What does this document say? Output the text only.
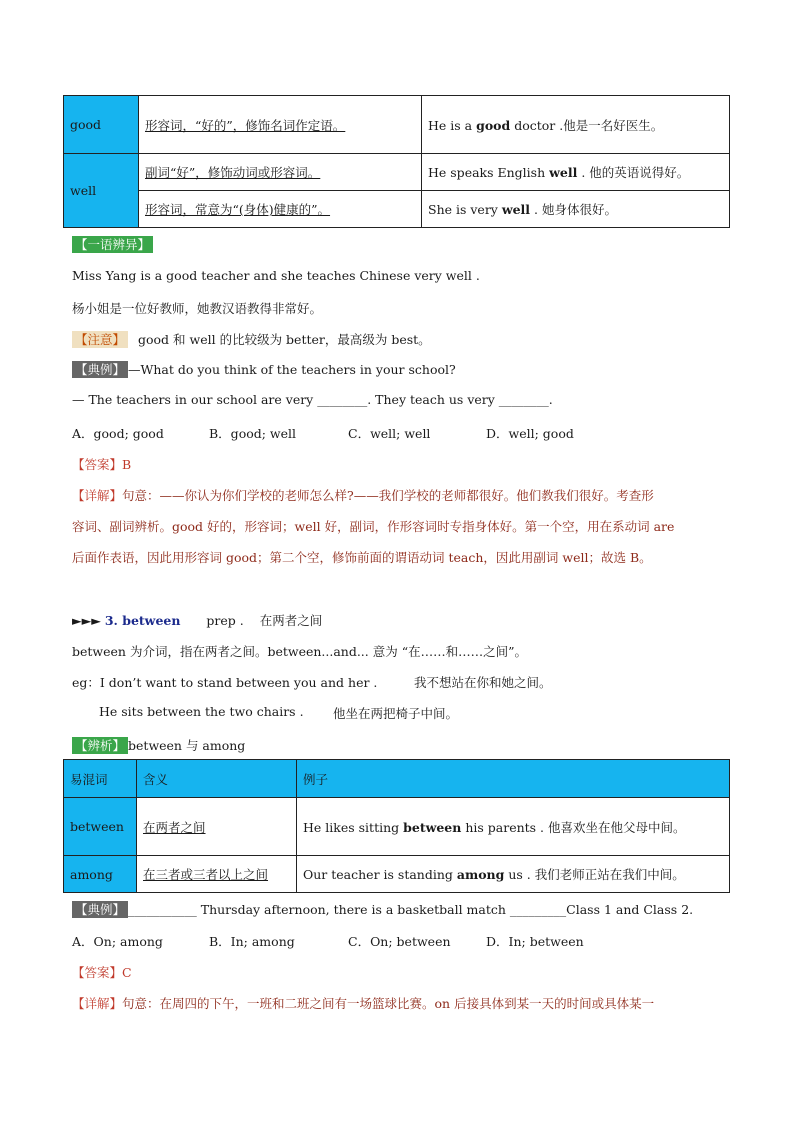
good	形容词，“好的”，修饰名词作定语。	He is a good doctor .他是一名好医生。
well	副词“好”，修饰动词或形容词。	He speaks English well . 他的英语说得好。
	形容词，常意为“(身体)健康的”。	She is very well . 她身体很好。
【一语辨异】
Miss Yang is a good teacher and she teaches Chinese very well .
杨小姐是一位好教师，她教汉语教得非常好。
【注意】 good 和 well 的比较级为 better，最高级为 best。
【典例】 —What do you think of the teachers in your school?
— The teachers in our school are very ________. They teach us very ________.
A．good; good	B．good; well	C．well; well	D．well; good
【答案】B
【详解】句意：——你认为你们学校的老师怎么样?——我们学校的老师都很好。他们教我们很好。考查形
容词、副词辨析。good 好的，形容词；well 好，副词，作形容词时专指身体好。第一个空，用在系动词 are
后面作表语，因此用形容词 good；第二个空，修饰前面的谓语动词 teach，因此用副词 well；故选 B。
►►► 3. between prep . 在两者之间
between 为介词，指在两者之间。between...and... 意为 “在……和……之间”。
eg：I don’t want to stand between you and her .	我不想站在你和她之间。
He sits between the two chairs . 他坐在两把椅子中间。
【辨析】 between 与 among
易混词	含义	例子
between	在两者之间	He likes sitting between his parents . 他喜欢坐在他父母中间。
among	在三者或三者以上之间	Our teacher is standing among us . 我们老师正站在我们中间。
【典例】 ___________ Thursday afternoon, there is a basketball match _________Class 1 and Class 2.
A．On; among	B．In; among	C．On; between	D．In; between
【答案】C
【详解】句意：在周四的下午，一班和二班之间有一场篮球比赛。on 后接具体到某一天的时间或具体某一
